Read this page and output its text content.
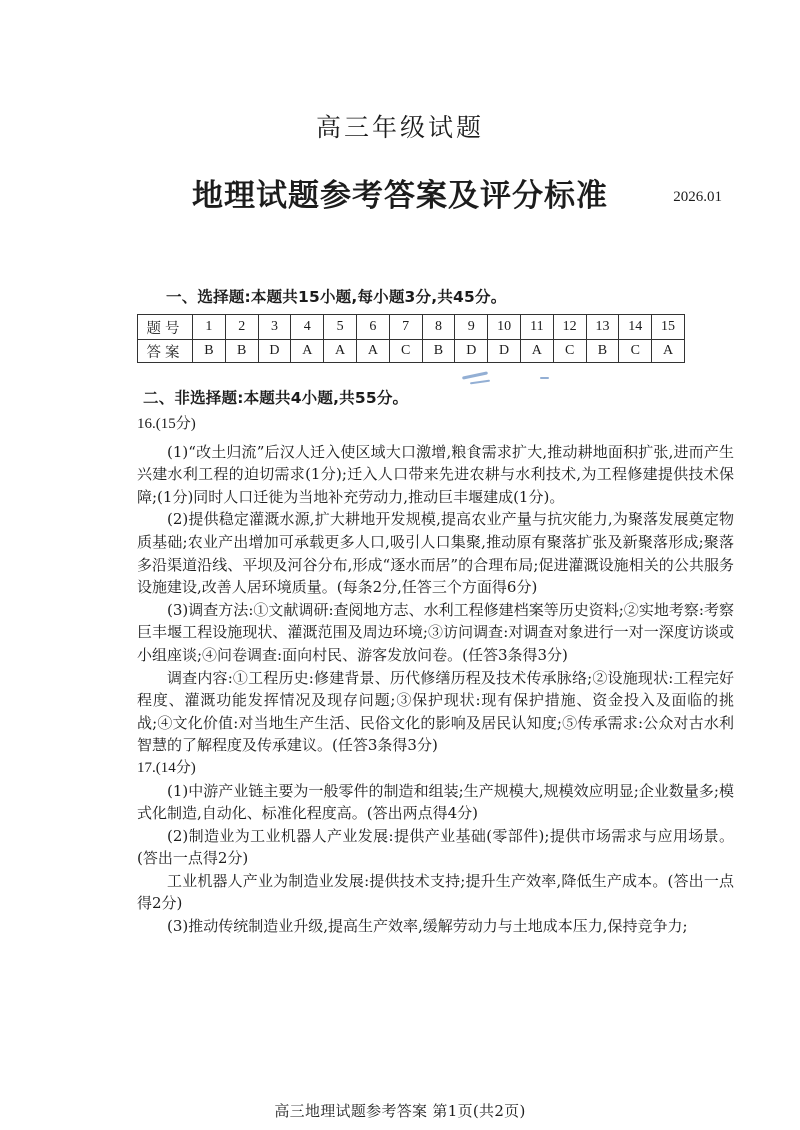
高三年级试题
地理试题参考答案及评分标准	2026.01
一、选择题:本题共15小题,每小题3分,共45分。
题号	1	2	3	4	5	6	7	8	9	10	11	12	13	14	15
答案	B	B	D	A	A	A	C	B	D	D	A	C	B	C	A
二、非选择题:本题共4小题,共55分。

16.(15分)

(1)“改土归流”后汉人迁入使区域大口激增,粮食需求扩大,推动耕地面积扩张,进而产生兴建水利工程的迫切需求(1分);迁入人口带来先进农耕与水利技术,为工程修建提供技术保障;(1分)同时人口迁徙为当地补充劳动力,推动巨丰堰建成(1分)。

(2)提供稳定灌溉水源,扩大耕地开发规模,提高农业产量与抗灾能力,为聚落发展奠定物质基础;农业产出增加可承载更多人口,吸引人口集聚,推动原有聚落扩张及新聚落形成;聚落多沿渠道沿线、平坝及河谷分布,形成“逐水而居”的合理布局;促进灌溉设施相关的公共服务设施建设,改善人居环境质量。(每条2分,任答三个方面得6分)

(3)调查方法:①文献调研:查阅地方志、水利工程修建档案等历史资料;②实地考察:考察巨丰堰工程设施现状、灌溉范围及周边环境;③访问调查:对调查对象进行一对一深度访谈或小组座谈;④问卷调查:面向村民、游客发放问卷。(任答3条得3分)

调查内容:①工程历史:修建背景、历代修缮历程及技术传承脉络;②设施现状:工程完好程度、灌溉功能发挥情况及现存问题;③保护现状:现有保护措施、资金投入及面临的挑战;④文化价值:对当地生产生活、民俗文化的影响及居民认知度;⑤传承需求:公众对古水利智慧的了解程度及传承建议。(任答3条得3分)

17.(14分)

(1)中游产业链主要为一般零件的制造和组装;生产规模大,规模效应明显;企业数量多;模式化制造,自动化、标准化程度高。(答出两点得4分)

(2)制造业为工业机器人产业发展:提供产业基础(零部件);提供市场需求与应用场景。(答出一点得2分)

工业机器人产业为制造业发展:提供技术支持;提升生产效率,降低生产成本。(答出一点得2分)

(3)推动传统制造业升级,提高生产效率,缓解劳动力与土地成本压力,保持竞争力;

高三地理试题参考答案 第1页(共2页)
